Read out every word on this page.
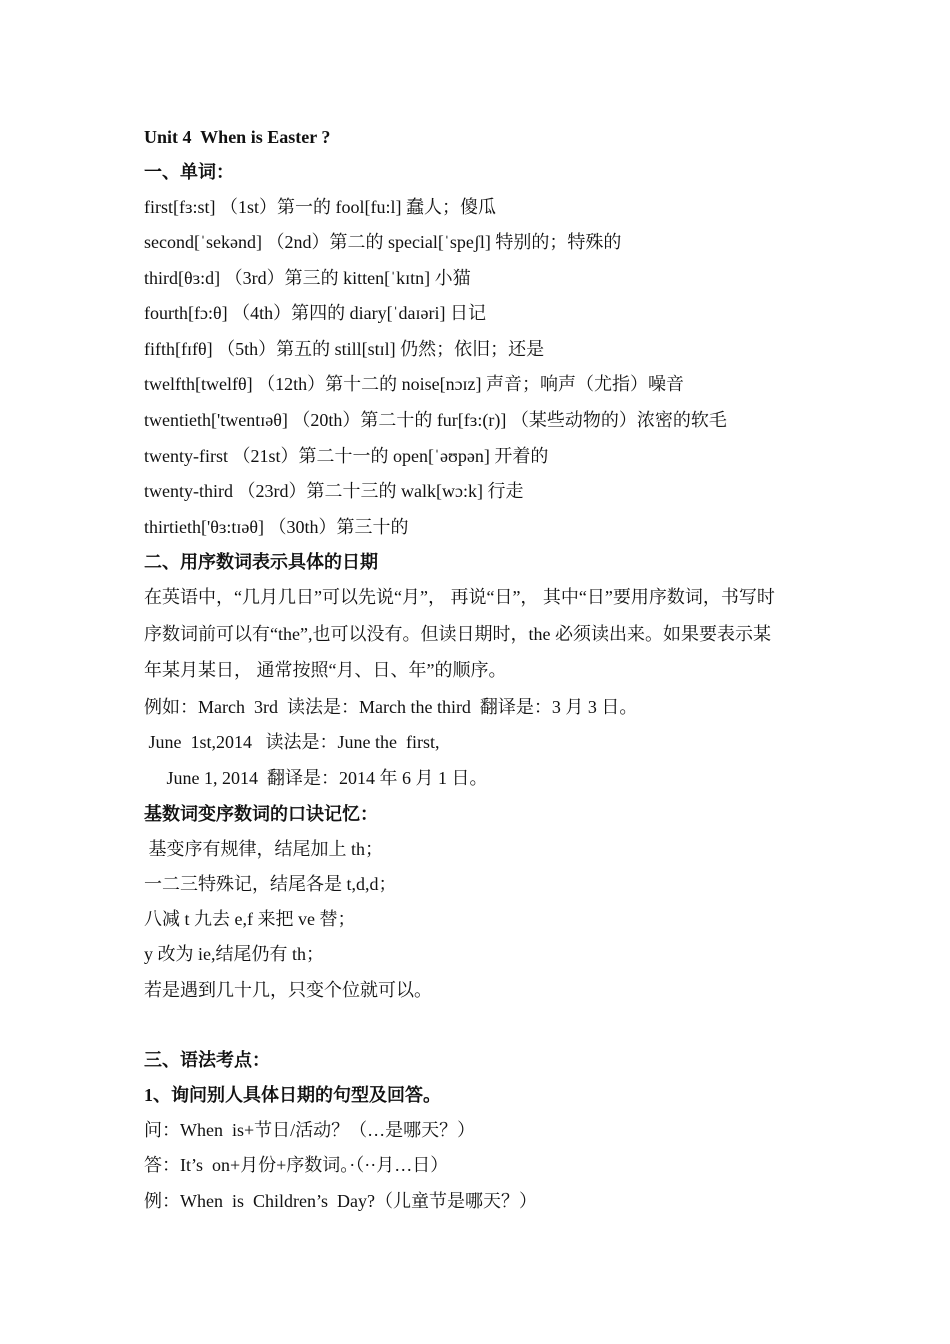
Unit 4  When is Easter ?
一、单词：
first[fɜ:st] （1st）第一的 fool[fu:l] 蠢人；傻瓜
second[ˈsekənd] （2nd）第二的 special[ˈspeʃl] 特别的；特殊的
third[θɜ:d] （3rd）第三的 kitten[ˈkɪtn] 小猫
fourth[fɔ:θ] （4th）第四的 diary[ˈdaɪəri] 日记
fifth[fɪfθ] （5th）第五的 still[stɪl] 仍然；依旧；还是
twelfth[twelfθ] （12th）第十二的 noise[nɔɪz] 声音；响声（尤指）噪音
twentieth['twentɪəθ] （20th）第二十的 fur[fɜ:(r)] （某些动物的）浓密的软毛
twenty-first （21st）第二十一的 open[ˈəʊpən] 开着的
twenty-third （23rd）第二十三的 walk[wɔ:k] 行走
thirtieth['θɜ:tɪəθ] （30th）第三十的
二、用序数词表示具体的日期
在英语中，“几月几日”可以先说“月”， 再说“日”， 其中“日”要用序数词，书写时
序数词前可以有“the”,也可以没有。但读日期时，the 必须读出来。如果要表示某
年某月某日， 通常按照“月、日、年”的顺序。
例如：March  3rd  读法是：March the third  翻译是：3 月 3 日。
June  1st,2014   读法是：June the  first,
June 1, 2014  翻译是：2014 年 6 月 1 日。
基数词变序数词的口诀记忆：
基变序有规律，结尾加上 th；
一二三特殊记，结尾各是 t,d,d；
八减 t 九去 e,f 来把 ve 替；
y 改为 ie,结尾仍有 th；
若是遇到几十几，只变个位就可以。
三、语法考点：
1、询问别人具体日期的句型及回答。
问：When  is+节日/活动？（…是哪天？）
答：It’s  on+月份+序数词。·（··月…日）
例：When  is  Children’s  Day?（儿童节是哪天？）
